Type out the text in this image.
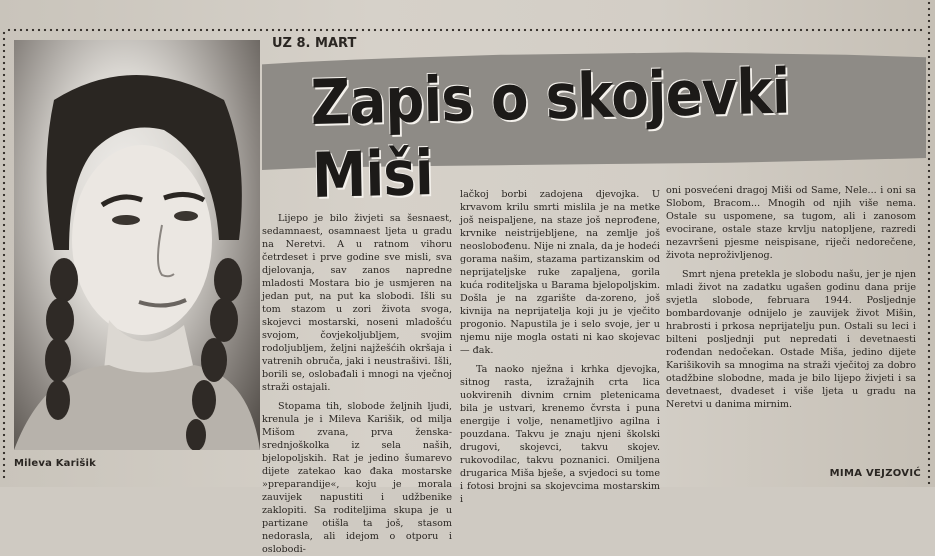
Mileva Karišik
UZ 8. MART
Zapis o skojevki Miši

Lijepo je bilo živjeti sa šesnaest, sedamnaest, osamnaest ljeta u gradu na Neretvi. A u ratnom vihoru četrdeset i prve godine sve misli, sva djelovanja, sav zanos napredne mladosti Mostara bio je usmjeren na jedan put, na put ka slobodi. Išli su tom stazom u zori života svoga, skojevci mostarski, noseni mladošću svojom, čovjekoljubljem, svojim rodoljubljem, željni najžešćih okršaja i vatrenih obruča, jaki i neustrašivi. Išli, borili se, oslobađali i mnogi na vječnoj straži ostajali.

Stopama tih, slobode željnih ljudi, krenula je i Mileva Karišik, od milja Mišom zvana, prva ženska-srednjoškolka iz sela naših, bjelopoljskih. Rat je jedino šumarevo dijete zatekao kao đaka mostarske »preparandije«, koju je morala zauvijek napustiti i udžbenike zaklopiti. Sa roditeljima skupa je u partizane otišla ta još, stasom nedorasla, ali idejom o otporu i oslobodi-

lačkoj borbi zadojena djevojka. U krvavom krilu smrti mislila je na metke još neispaljene, na staze još neprođene, krvnike neistrijebljene, na zemlje još neoslobođenu. Nije ni znala, da je hodeći gorama našim, stazama partizanskim od neprijateljske ruke zapaljena, gorila kuća roditeljska u Barama bjelopoljskim. Došla je na zgarište da-zoreno, još kivnija na neprijatelja koji ju je vječito progonio. Napustila je i selo svoje, jer u njemu nije mogla ostati ni kao skojevac — đak.

Ta naoko nježna i krhka djevojka, sitnog rasta, izražajnih crta lica uokvirenih divnim crnim pletenicama bila je ustvari, krenemo čvrsta i puna energije i volje, nenametljivo agilna i pouzdana. Takvu je znaju njeni školski drugovi, skojevci, takvu skojev. rukovodilac, takvu poznanici. Omiljena drugarica Miša bješe, a svjedoci su tome i fotosi brojni sa skojevcima mostarskim i

oni posvećeni dragoj Miši od Same, Nele... i oni sa Slobom, Bracom... Mnogih od njih više nema. Ostale su uspomene, sa tugom, ali i zanosom evocirane, ostale staze krvlju natopljene, razredi nezavršeni pjesme neispisane, riječi nedorečene, života neproživljenog.

Smrt njena pretekla je slobodu našu, jer je njen mladi život na zadatku ugašen godinu dana prije svjetla slobode, februara 1944. Posljednje bombardovanje odnijelo je zauvijek život Mišin, hrabrosti i prkosa neprijatelju pun. Ostali su leci i bilteni posljednji put nepredati i devetnaesti rođendan nedočekan. Ostade Miša, jedino dijete Karišikovih sa mnogima na straži vječitoj za dobro otadžbine slobodne, mada je bilo lijepo živjeti i sa devetnaest, dvadeset i više ljeta u gradu na Neretvi u danima mirnim.

MIMA VEJZOVIĆ
